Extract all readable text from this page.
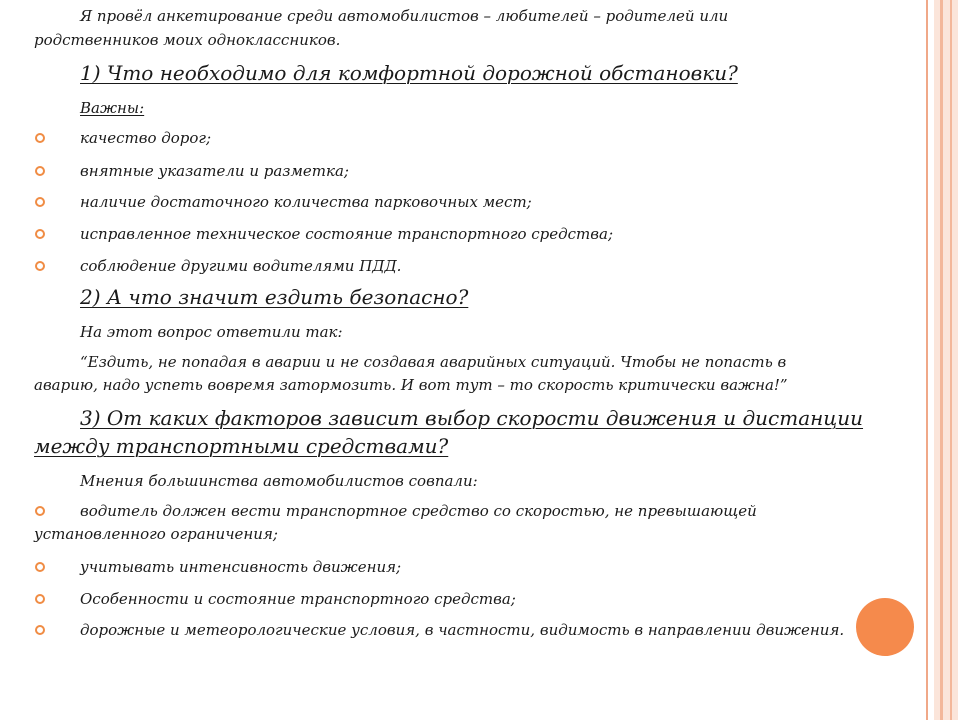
Я провёл анкетирование среди автомобилистов – любителей – родителей или
родственников моих одноклассников.
1) Что необходимо для комфортной дорожной обстановки?
Важны:
качество дорог;
внятные указатели и разметка;
наличие достаточного количества парковочных мест;
исправленное техническое состояние транспортного средства;
соблюдение другими водителями ПДД.
2) А что значит ездить безопасно?
На этот вопрос ответили так:
“Ездить, не попадая в аварии и не создавая аварийных ситуаций. Чтобы не попасть в
аварию, надо успеть вовремя затормозить. И вот тут – то скорость критически важна!”
3) От каких факторов зависит выбор скорости движения и дистанции
между транспортными средствами?
Мнения большинства автомобилистов совпали:
водитель должен вести транспортное средство со скоростью, не превышающей
установленного ограничения;
учитывать интенсивность движения;
Особенности и состояние транспортного средства;
дорожные и метеорологические условия, в частности, видимость в направлении движения.
